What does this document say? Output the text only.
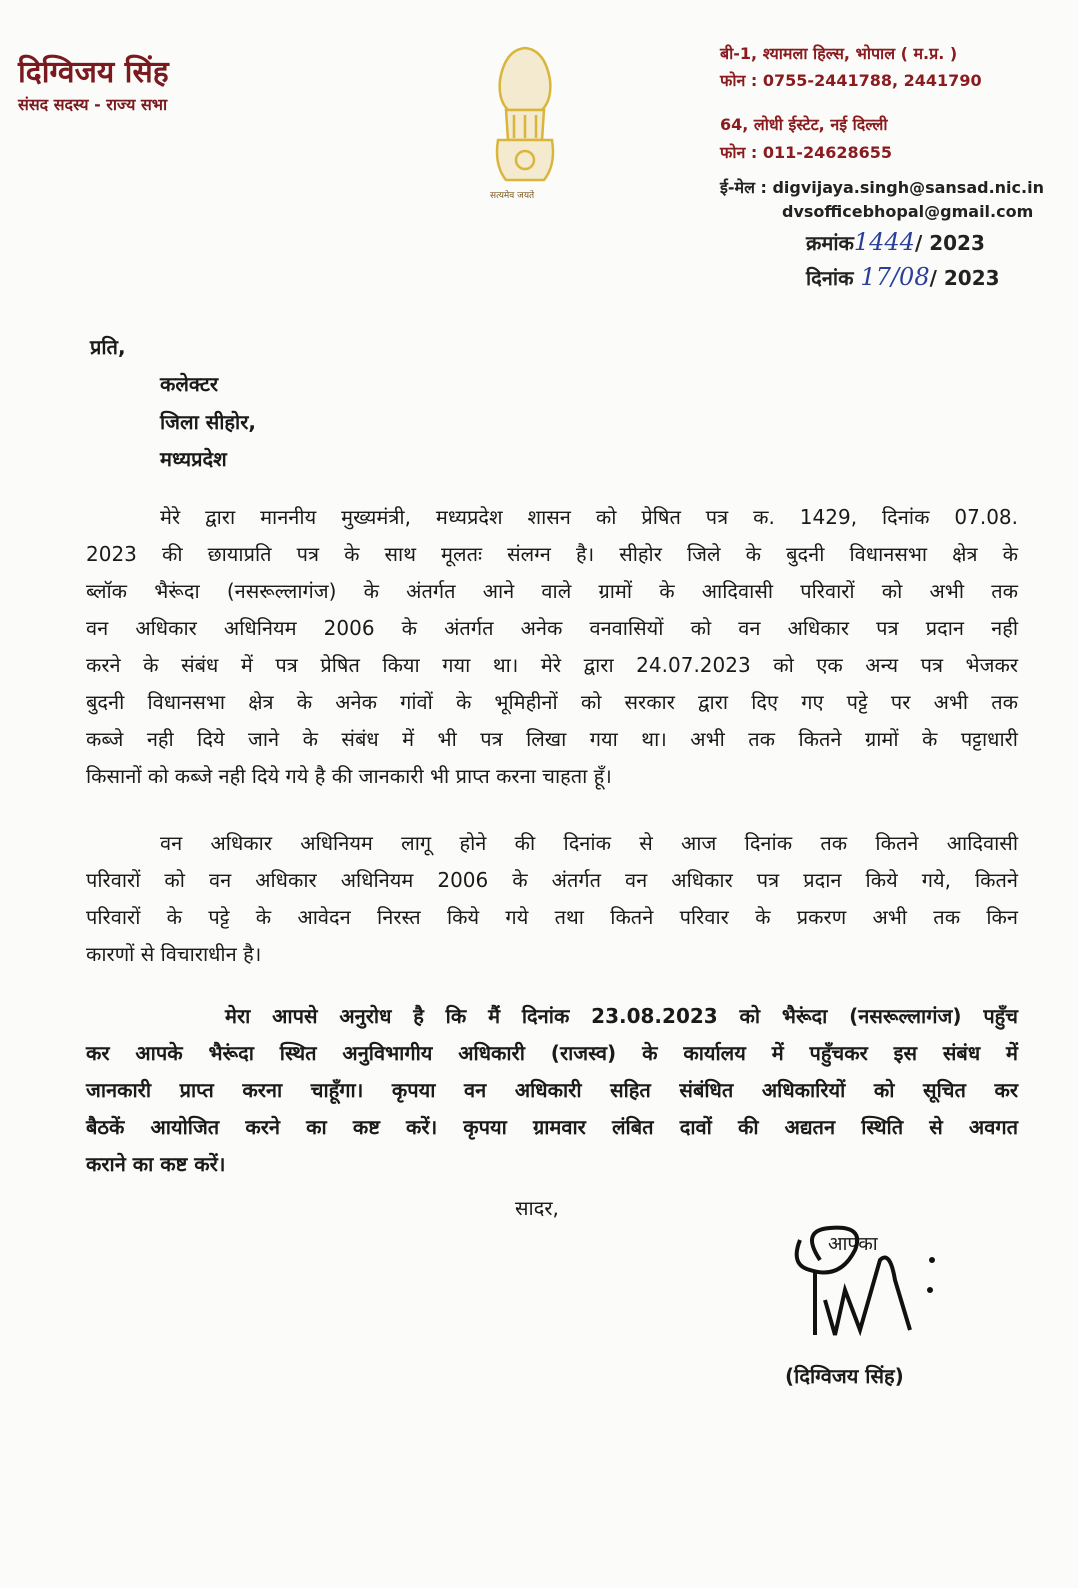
दिग्विजय सिंह
संसद सदस्य - राज्य सभा
सत्यमेव जयते
बी-1, श्यामला हिल्स, भोपाल ( म.प्र. )
फोन : 0755-2441788, 2441790
64, लोधी ईस्टेट, नई दिल्ली
फोन : 011-24628655
ई-मेल : digvijaya.singh@sansad.nic.in
dvsofficebhopal@gmail.com
क्रमांक1444/ 2023
दिनांक 17/08/ 2023
प्रति,
कलेक्टर
जिला सीहोर,
मध्यप्रदेश
मेरे द्वारा माननीय मुख्यमंत्री, मध्यप्रदेश शासन को प्रेषित पत्र क. 1429, दिनांक 07.08.
2023 की छायाप्रति पत्र के साथ मूलतः संलग्न है। सीहोर जिले के बुदनी विधानसभा क्षेत्र के
ब्लॉक भैरूंदा (नसरूल्लागंज) के अंतर्गत आने वाले ग्रामों के आदिवासी परिवारों को अभी तक
वन अधिकार अधिनियम 2006 के अंतर्गत अनेक वनवासियों को वन अधिकार पत्र प्रदान नही
करने के संबंध में पत्र प्रेषित किया गया था। मेरे द्वारा 24.07.2023 को एक अन्य पत्र भेजकर
बुदनी विधानसभा क्षेत्र के अनेक गांवों के भूमिहीनों को सरकार द्वारा दिए गए पट्टे पर अभी तक
कब्जे नही दिये जाने के संबंध में भी पत्र लिखा गया था। अभी तक कितने ग्रामों के पट्टाधारी
किसानों को कब्जे नही दिये गये है की जानकारी भी प्राप्त करना चाहता हूँ।
वन अधिकार अधिनियम लागू होने की दिनांक से आज दिनांक तक कितने आदिवासी
परिवारों को वन अधिकार अधिनियम 2006 के अंतर्गत वन अधिकार पत्र प्रदान किये गये, कितने
परिवारों के पट्टे के आवेदन निरस्त किये गये तथा कितने परिवार के प्रकरण अभी तक किन
कारणों से विचाराधीन है।
मेरा आपसे अनुरोध है कि मैं दिनांक 23.08.2023 को भैरूंदा (नसरूल्लागंज) पहुँच
कर आपके भैरूंदा स्थित अनुविभागीय अधिकारी (राजस्व) के कार्यालय में पहुँचकर इस संबंध में
जानकारी प्राप्त करना चाहूँगा। कृपया वन अधिकारी सहित संबंधित अधिकारियों को सूचित कर
बैठकें आयोजित करने का कष्ट करें। कृपया ग्रामवार लंबित दावों की अद्यतन स्थिति से अवगत
कराने का कष्ट करें।
सादर,
आपका
(दिग्विजय सिंह)
